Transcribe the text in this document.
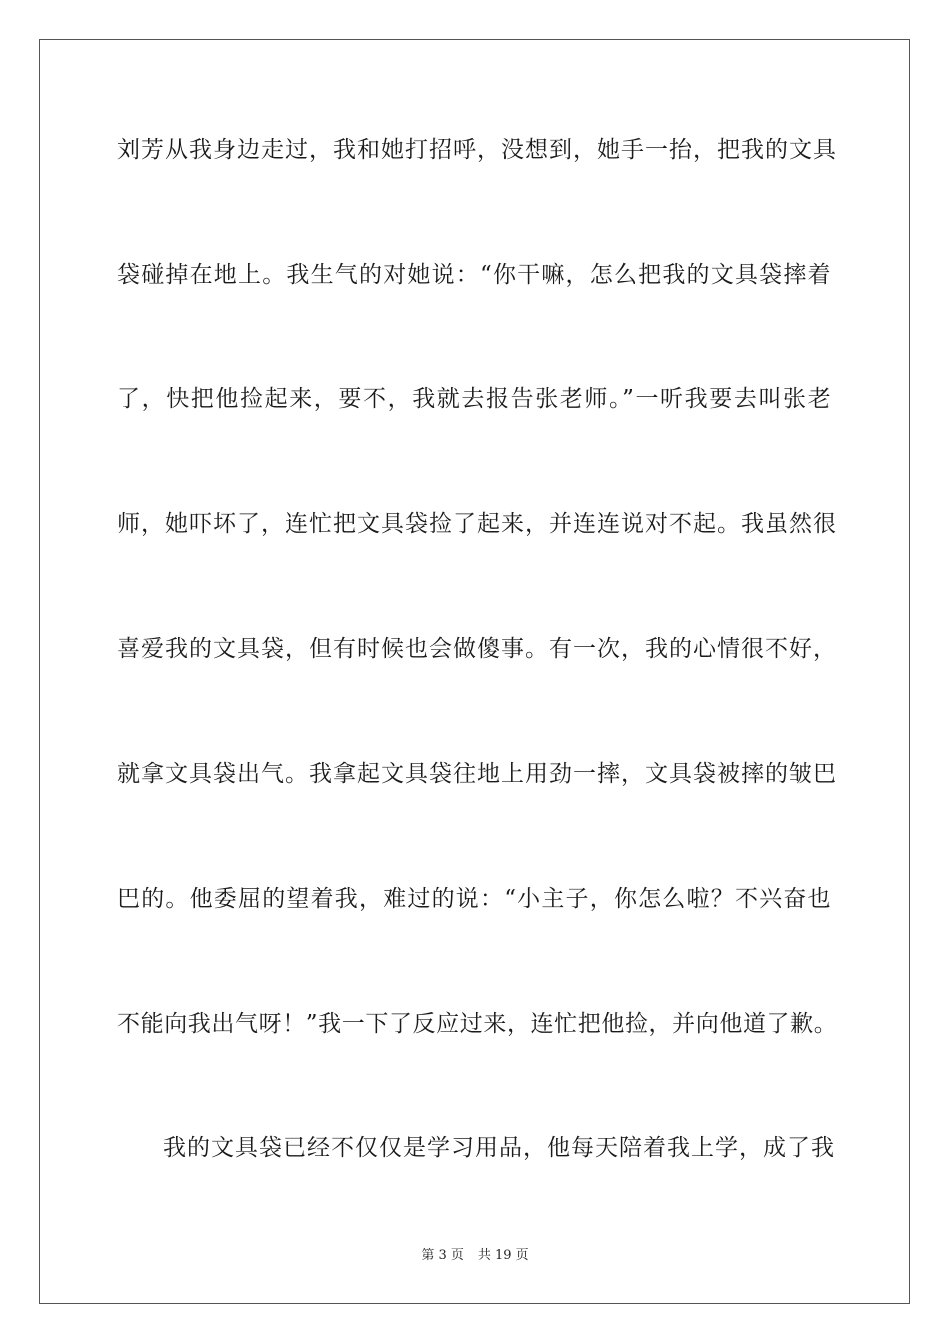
刘芳从我身边走过，我和她打招呼，没想到，她手一抬，把我的文具
袋碰掉在地上。我生气的对她说：“你干嘛，怎么把我的文具袋摔着
了，快把他捡起来，要不，我就去报告张老师。”一听我要去叫张老
师，她吓坏了，连忙把文具袋捡了起来，并连连说对不起。我虽然很
喜爱我的文具袋，但有时候也会做傻事。有一次，我的心情很不好，
就拿文具袋出气。我拿起文具袋往地上用劲一摔，文具袋被摔的皱巴
巴的。他委屈的望着我，难过的说：“小主子，你怎么啦？不兴奋也
不能向我出气呀！”我一下了反应过来，连忙把他捡，并向他道了歉。
我的文具袋已经不仅仅是学习用品，他每天陪着我上学，成了我
第 3 页 共 19 页
